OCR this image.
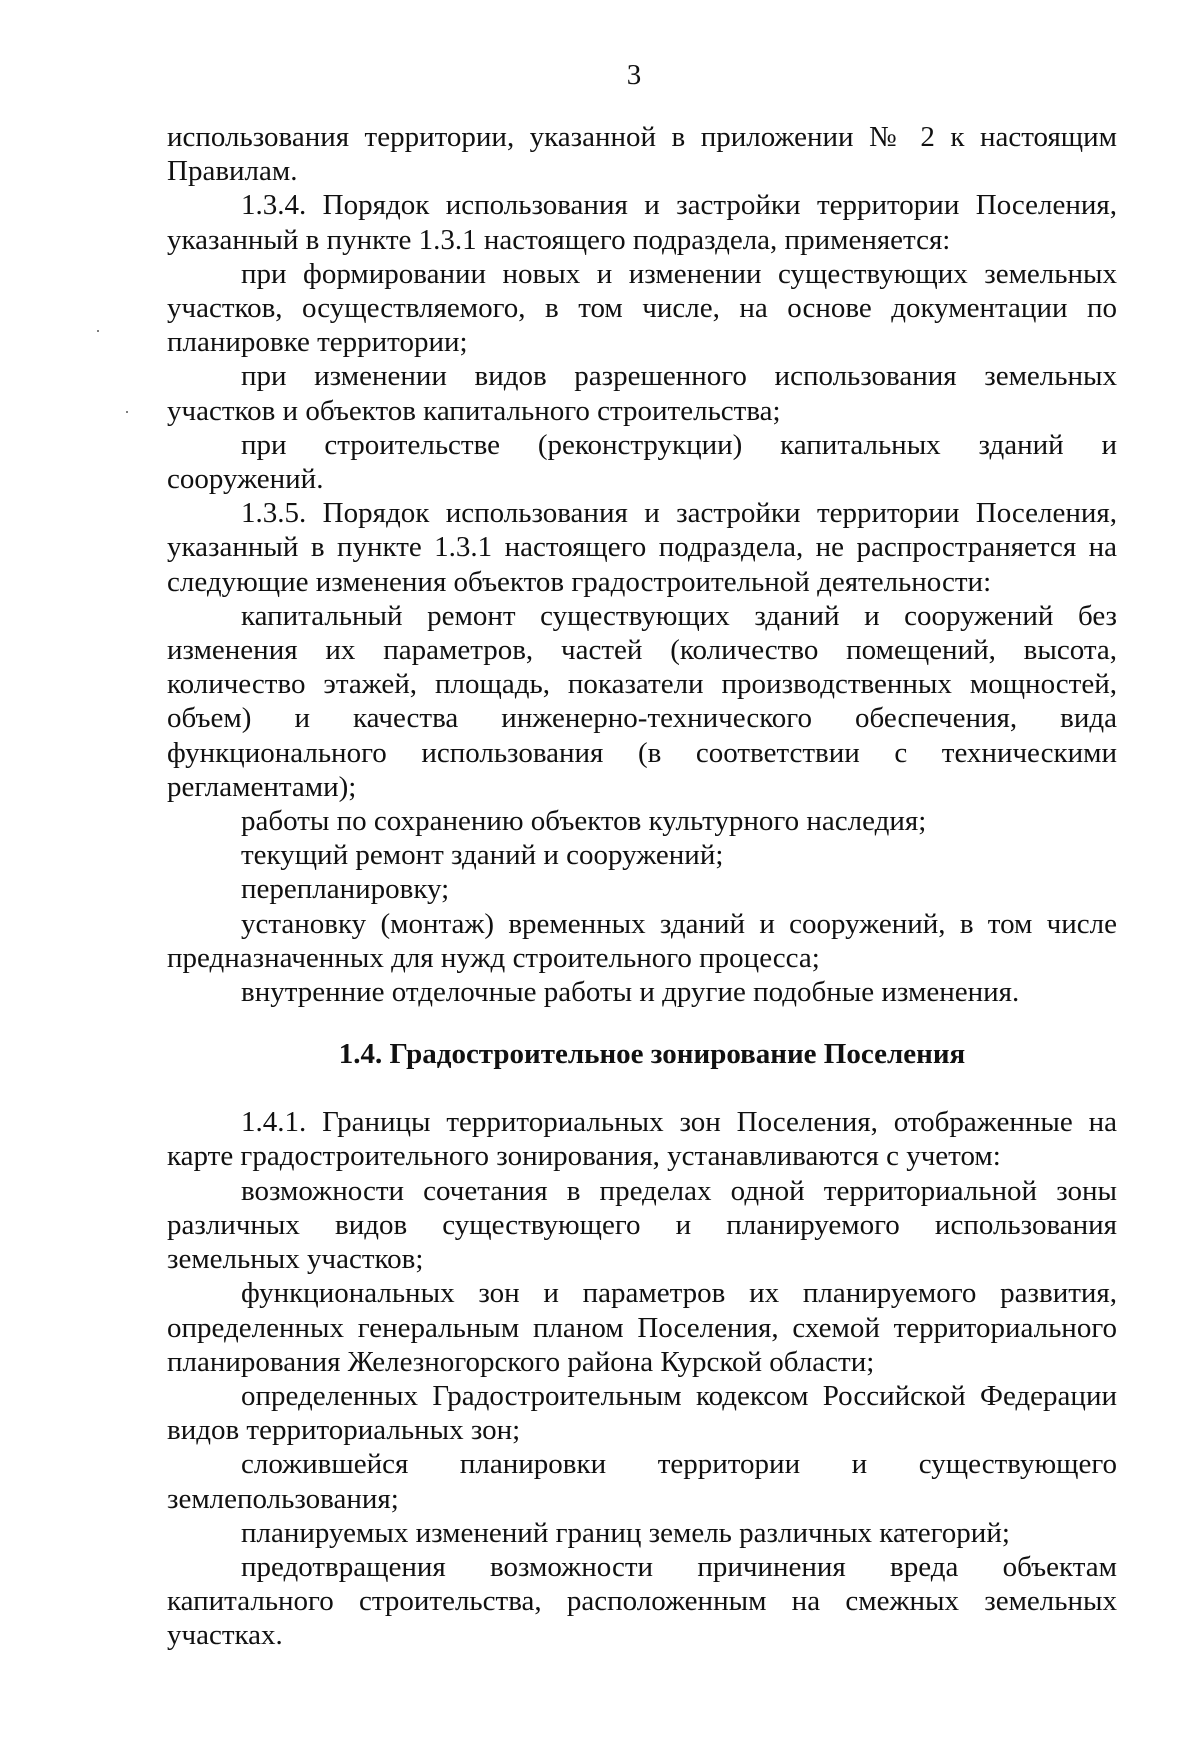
3

использования территории, указанной в приложении № 2 к настоящим Правилам.

1.3.4. Порядок использования и застройки территории Поселения, указанный в пункте 1.3.1 настоящего подраздела, применяется:

при формировании новых и изменении существующих земельных участков, осуществляемого, в том числе, на основе документации по планировке территории;

при изменении видов разрешенного использования земельных участков и объектов капитального строительства;

при строительстве (реконструкции) капитальных зданий и сооружений.

1.3.5. Порядок использования и застройки территории Поселения, указанный в пункте 1.3.1 настоящего подраздела, не распространяется на следующие изменения объектов градостроительной деятельности:

капитальный ремонт существующих зданий и сооружений без изменения их параметров, частей (количество помещений, высота, количество этажей, площадь, показатели производственных мощностей, объем) и качества инженерно-технического обеспечения, вида функционального использования (в соответствии с техническими регламентами);

работы по сохранению объектов культурного наследия;

текущий ремонт зданий и сооружений;

перепланировку;

установку (монтаж) временных зданий и сооружений, в том числе предназначенных для нужд строительного процесса;

внутренние отделочные работы и другие подобные изменения.

1.4. Градостроительное зонирование Поселения

1.4.1. Границы территориальных зон Поселения, отображенные на карте градостроительного зонирования, устанавливаются с учетом:

возможности сочетания в пределах одной территориальной зоны различных видов существующего и планируемого использования земельных участков;

функциональных зон и параметров их планируемого развития, определенных генеральным планом Поселения, схемой территориального планирования Железногорского района Курской области;

определенных Градостроительным кодексом Российской Федерации видов территориальных зон;

сложившейся планировки территории и существующего землепользования;

планируемых изменений границ земель различных категорий;

предотвращения возможности причинения вреда объектам капитального строительства, расположенным на смежных земельных участках.
